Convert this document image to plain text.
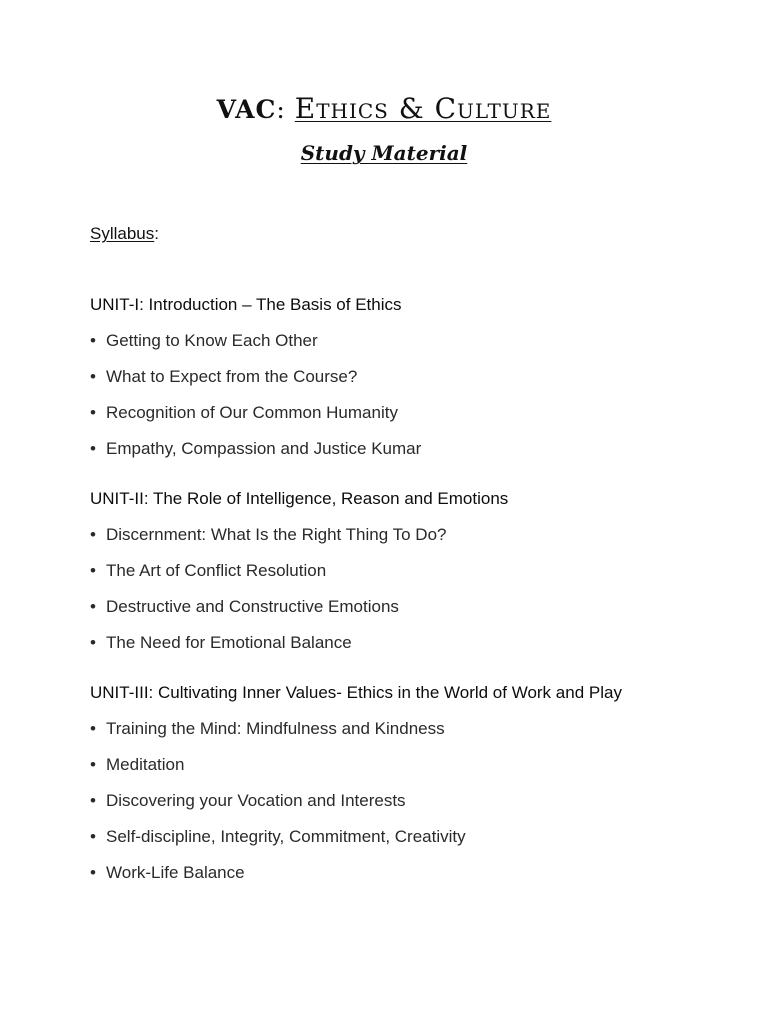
VAC: Ethics & Culture
Study Material
Syllabus:
UNIT-I: Introduction – The Basis of Ethics
• Getting to Know Each Other
• What to Expect from the Course?
• Recognition of Our Common Humanity
• Empathy, Compassion and Justice Kumar
UNIT-II: The Role of Intelligence, Reason and Emotions
• Discernment: What Is the Right Thing To Do?
• The Art of Conflict Resolution
• Destructive and Constructive Emotions
• The Need for Emotional Balance
UNIT-III: Cultivating Inner Values- Ethics in the World of Work and Play
• Training the Mind: Mindfulness and Kindness
• Meditation
• Discovering your Vocation and Interests
• Self-discipline, Integrity, Commitment, Creativity
• Work-Life Balance
